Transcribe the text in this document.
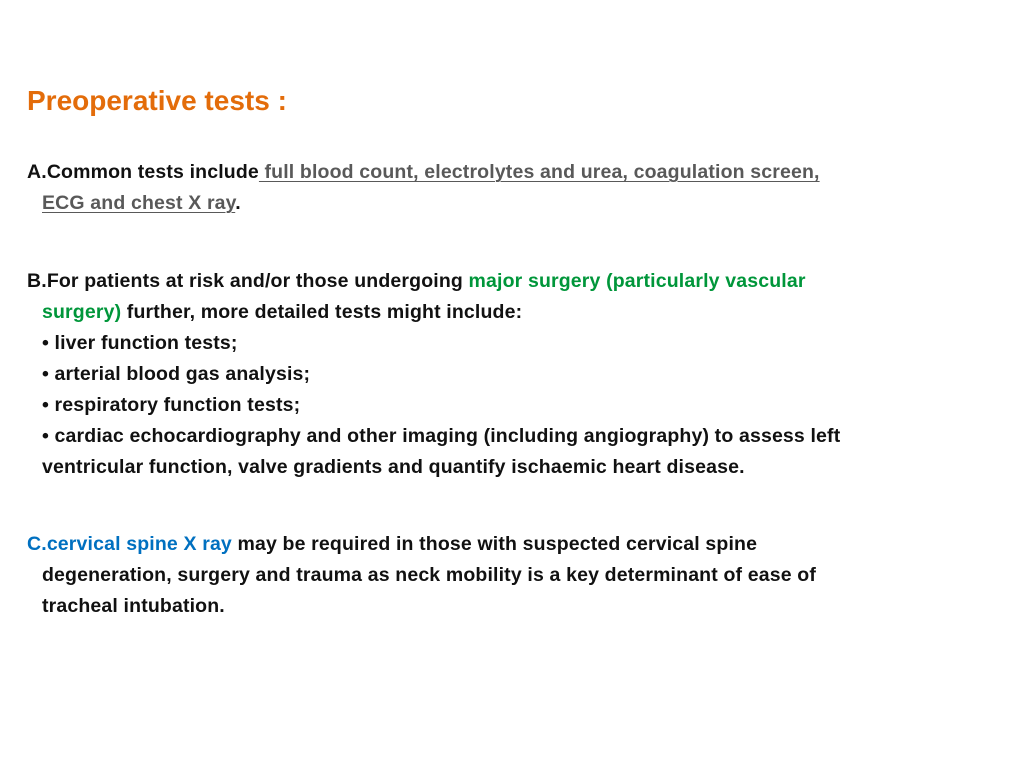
Preoperative tests :

A.Common tests include full blood count, electrolytes and urea, coagulation screen,
ECG and chest X ray.

B.For patients at risk and/or those undergoing major surgery (particularly vascular
surgery) further, more detailed tests might include:
• liver function tests;
• arterial blood gas analysis;
• respiratory function tests;
• cardiac echocardiography and other imaging (including angiography) to assess left
ventricular function, valve gradients and quantify ischaemic heart disease.

C.cervical spine X ray may be required in those with suspected cervical spine
degeneration, surgery and trauma as neck mobility is a key determinant of ease of
tracheal intubation.
